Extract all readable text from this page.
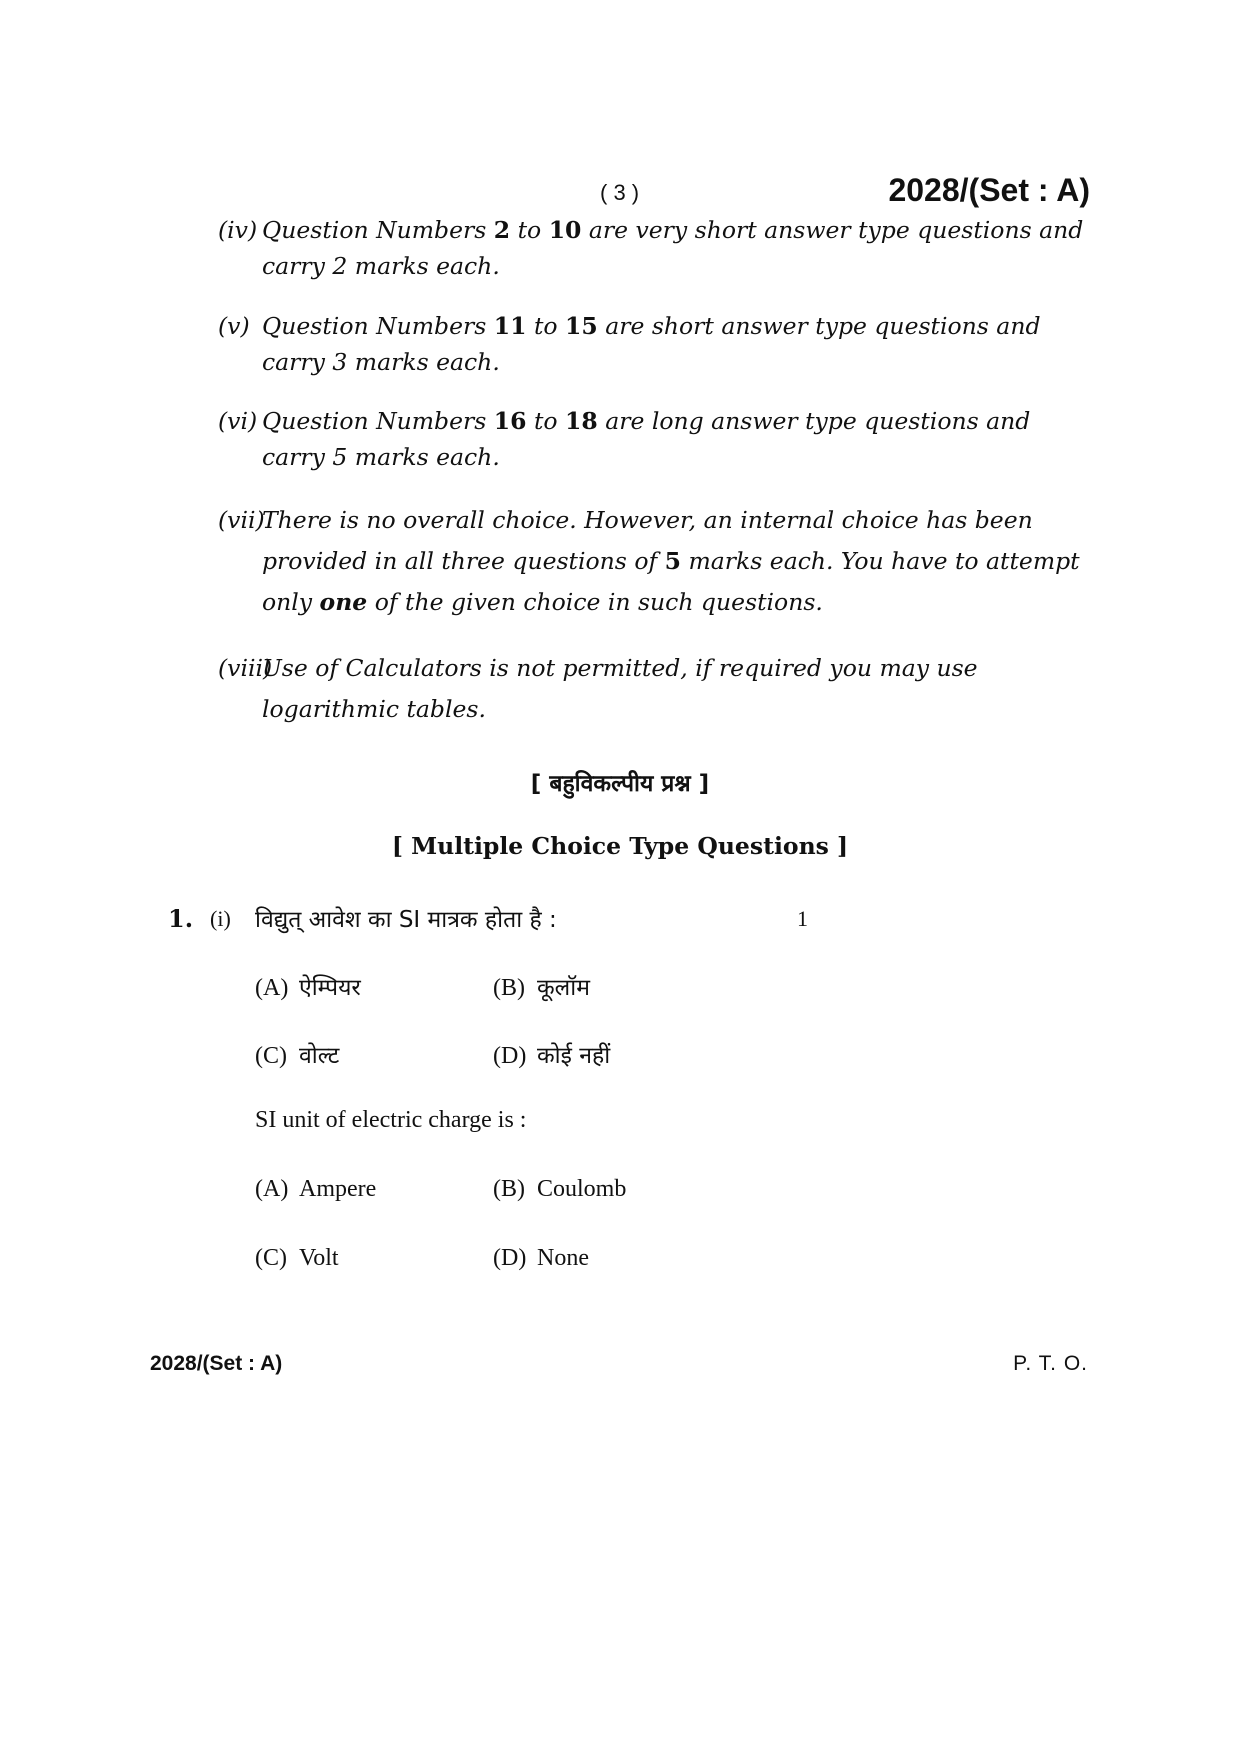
( 3 )	2028/(Set : A)
(iv) Question Numbers 2 to 10 are very short answer type questions and
carry 2 marks each.
(v) Question Numbers 11 to 15 are short answer type questions and
carry 3 marks each.
(vi) Question Numbers 16 to 18 are long answer type questions and
carry 5 marks each.
(vii)
There is no overall choice. However, an internal choice has been
provided in all three questions of 5 marks each. You have to attempt
only one of the given choice in such questions.
(viii)
Use of Calculators is not permitted, if required you may use
logarithmic tables.
[ बहुविकल्पीय प्रश्न ]
[ Multiple Choice Type Questions ]
1. (i) विद्युत् आवेश का SI मात्रक होता है :	1
(A) ऐम्पियर	(B) कूलॉम
(C) वोल्ट	(D) कोई नहीं
SI unit of electric charge is :
(A) Ampere	(B) Coulomb
(C) Volt	(D) None
2028/(Set : A)	P. T. O.
